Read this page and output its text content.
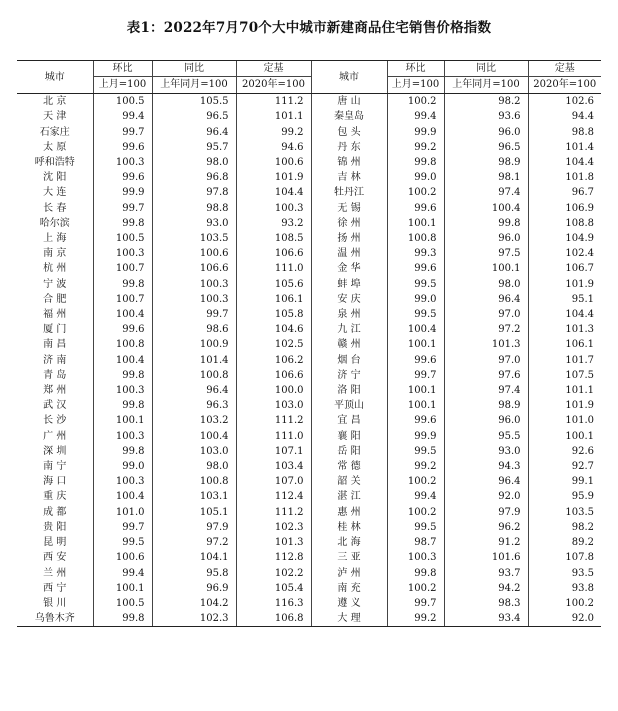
表1：2022年7月70个大中城市新建商品住宅销售价格指数
城市	环比	同比	定基	城市	环比	同比	定基
	上月=100	上年同月=100	2020年=100		上月=100	上年同月=100	2020年=100
北 京	100.5	105.5	111.2	唐 山	100.2	98.2	102.6
天 津	99.4	96.5	101.1	秦皇岛	99.4	93.6	94.4
石家庄	99.7	96.4	99.2	包 头	99.9	96.0	98.8
太 原	99.6	95.7	94.6	丹 东	99.2	96.5	101.4
呼和浩特	100.3	98.0	100.6	锦 州	99.8	98.9	104.4
沈 阳	99.6	96.8	101.9	吉 林	99.0	98.1	101.8
大 连	99.9	97.8	104.4	牡丹江	100.2	97.4	96.7
长 春	99.7	98.8	100.3	无 锡	99.6	100.4	106.9
哈尔滨	99.8	93.0	93.2	徐 州	100.1	99.8	108.8
上 海	100.5	103.5	108.5	扬 州	100.8	96.0	104.9
南 京	100.3	100.6	106.6	温 州	99.3	97.5	102.4
杭 州	100.7	106.6	111.0	金 华	99.6	100.1	106.7
宁 波	99.8	100.3	105.6	蚌 埠	99.5	98.0	101.9
合 肥	100.7	100.3	106.1	安 庆	99.0	96.4	95.1
福 州	100.4	99.7	105.8	泉 州	99.5	97.0	104.4
厦 门	99.6	98.6	104.6	九 江	100.4	97.2	101.3
南 昌	100.8	100.9	102.5	赣 州	100.1	101.3	106.1
济 南	100.4	101.4	106.2	烟 台	99.6	97.0	101.7
青 岛	99.8	100.8	106.6	济 宁	99.7	97.6	107.5
郑 州	100.3	96.4	100.0	洛 阳	100.1	97.4	101.1
武 汉	99.8	96.3	103.0	平顶山	100.1	98.9	101.9
长 沙	100.1	103.2	111.2	宜 昌	99.6	96.0	101.0
广 州	100.3	100.4	111.0	襄 阳	99.9	95.5	100.1
深 圳	99.8	103.0	107.1	岳 阳	99.5	93.0	92.6
南 宁	99.0	98.0	103.4	常 德	99.2	94.3	92.7
海 口	100.3	100.8	107.0	韶 关	100.2	96.4	99.1
重 庆	100.4	103.1	112.4	湛 江	99.4	92.0	95.9
成 都	101.0	105.1	111.2	惠 州	100.2	97.9	103.5
贵 阳	99.7	97.9	102.3	桂 林	99.5	96.2	98.2
昆 明	99.5	97.2	101.3	北 海	98.7	91.2	89.2
西 安	100.6	104.1	112.8	三 亚	100.3	101.6	107.8
兰 州	99.4	95.8	102.2	泸 州	99.8	93.7	93.5
西 宁	100.1	96.9	105.4	南 充	100.2	94.2	93.8
银 川	100.5	104.2	116.3	遵 义	99.7	98.3	100.2
乌鲁木齐	99.8	102.3	106.8	大 理	99.2	93.4	92.0
